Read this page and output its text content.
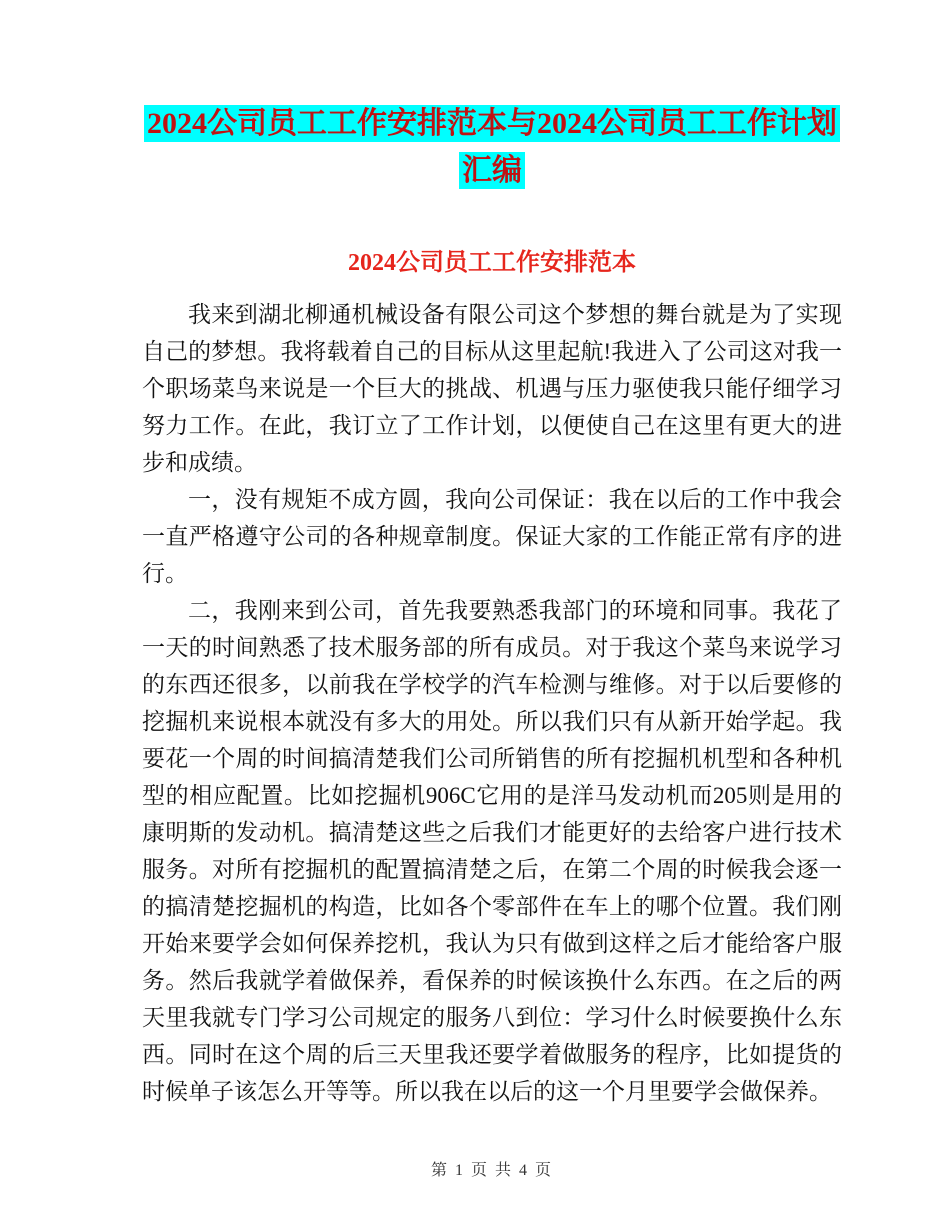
2024公司员工工作安排范本与2024公司员工工作计划
汇编
2024公司员工工作安排范本

我来到湖北柳通机械设备有限公司这个梦想的舞台就是为了实现自己的梦想。我将载着自己的目标从这里起航!我进入了公司这对我一个职场菜鸟来说是一个巨大的挑战、机遇与压力驱使我只能仔细学习努力工作。在此，我订立了工作计划，以便使自己在这里有更大的进步和成绩。

一，没有规矩不成方圆，我向公司保证：我在以后的工作中我会一直严格遵守公司的各种规章制度。保证大家的工作能正常有序的进行。

二，我刚来到公司，首先我要熟悉我部门的环境和同事。我花了一天的时间熟悉了技术服务部的所有成员。对于我这个菜鸟来说学习的东西还很多，以前我在学校学的汽车检测与维修。对于以后要修的挖掘机来说根本就没有多大的用处。所以我们只有从新开始学起。我要花一个周的时间搞清楚我们公司所销售的所有挖掘机机型和各种机型的相应配置。比如挖掘机906C它用的是洋马发动机而205则是用的康明斯的发动机。搞清楚这些之后我们才能更好的去给客户进行技术服务。对所有挖掘机的配置搞清楚之后，在第二个周的时候我会逐一的搞清楚挖掘机的构造，比如各个零部件在车上的哪个位置。我们刚开始来要学会如何保养挖机，我认为只有做到这样之后才能给客户服务。然后我就学着做保养，看保养的时候该换什么东西。在之后的两天里我就专门学习公司规定的服务八到位：学习什么时候要换什么东西。同时在这个周的后三天里我还要学着做服务的程序，比如提货的时候单子该怎么开等等。所以我在以后的这一个月里要学会做保养。

第 1 页 共 4 页
